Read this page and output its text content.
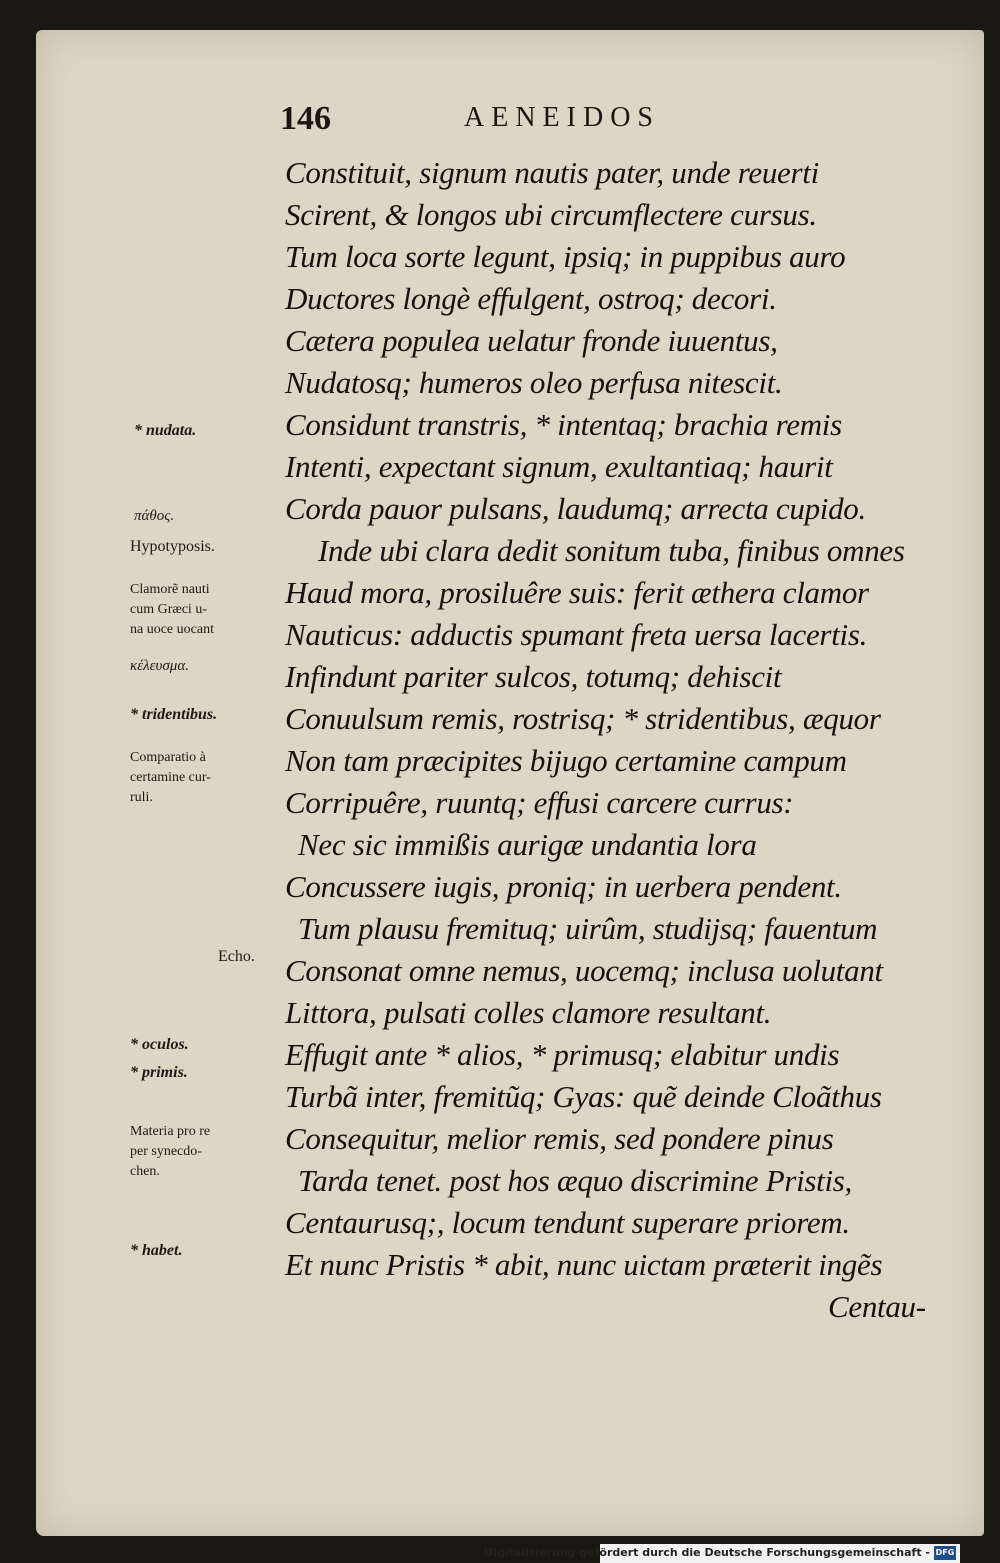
146	AENEIDOS
Constituit, signum nautis pater, unde reuerti
Scirent, & longos ubi circumflectere cursus.
Tum loca sorte legunt, ipsiq; in puppibus auro
Ductores longè effulgent, ostroq; decori.
Cætera populea uelatur fronde iuuentus,
Nudatosq; humeros oleo perfusa nitescit.
Considunt transtris, * intentaq; brachia remis
Intenti, expectant signum, exultantiaq; haurit
Corda pauor pulsans, laudumq; arrecta cupido.
Inde ubi clara dedit sonitum tuba, finibus omnes
Haud mora, prosiluêre suis: ferit æthera clamor
Nauticus: adductis spumant freta uersa lacertis.
Infindunt pariter sulcos, totumq; dehiscit
Conuulsum remis, rostrisq; * stridentibus, æquor
Non tam præcipites bijugo certamine campum
Corripuêre, ruuntq; effusi carcere currus:
Nec sic immißis aurigæ undantia lora
Concussere iugis, proniq; in uerbera pendent.
Tum plausu fremituq; uirûm, studijsq; fauentum
Consonat omne nemus, uocemq; inclusa uolutant
Littora, pulsati colles clamore resultant.
Effugit ante * alios, * primusq; elabitur undis
Turbã inter, fremitũq; Gyas: quẽ deinde Cloãthus
Consequitur, melior remis, sed pondere pinus
Tarda tenet. post hos æquo discrimine Pristis,
Centaurusq;, locum tendunt superare priorem.
Et nunc Pristis * abit, nunc uictam præterit ingẽs
Centau-
* nudata.
πάθος.
Hypotyposis.
Clamorẽ nauti
cum Græci u-
na uoce uocant
κέλευσμα.
* tridentibus.
Comparatio à
certamine cur-
ruli.
Echo.
* oculos.
* primis.
Materia pro re
per synecdo-
chen.
* habet.
Digitalisierung gefördert durch die Deutsche Forschungsgemeinschaft - DFG
